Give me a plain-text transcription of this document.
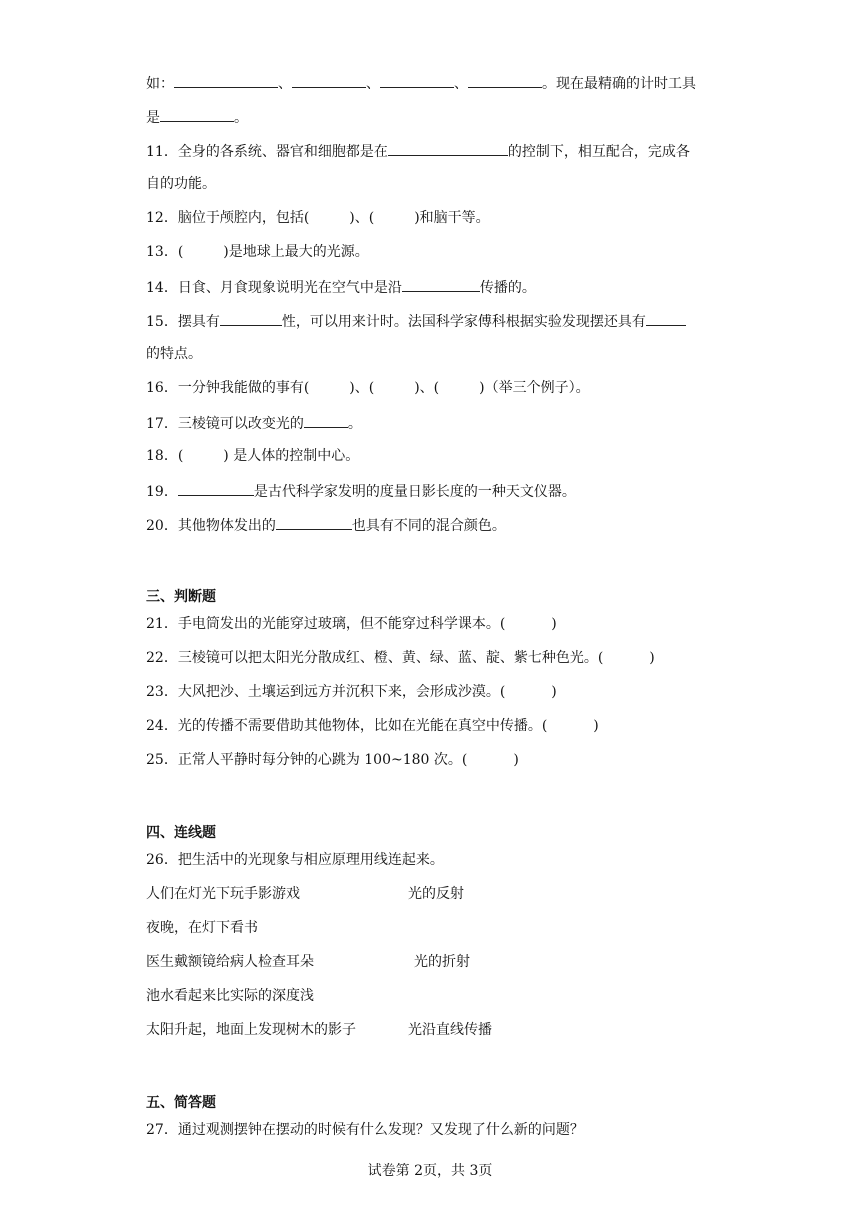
如：	、	、	、	。现在最精确的计时工具
是	。
11．全身的各系统、器官和细胞都是在	的控制下，相互配合，完成各
自的功能。
12．脑位于颅腔内，包括(	)、(	)和脑干等。
13．(	)是地球上最大的光源。
14．日食、月食现象说明光在空气中是沿	传播的。
15．摆具有	性，可以用来计时。法国科学家傅科根据实验发现摆还具有
的特点。
16．一分钟我能做的事有(	)、(	)、(	)（举三个例子）。
17．三棱镜可以改变光的	。
18．(	) 是人体的控制中心。
19．	是古代科学家发明的度量日影长度的一种天文仪器。
20．其他物体发出的	也具有不同的混合颜色。
三、判断题
21．手电筒发出的光能穿过玻璃，但不能穿过科学课本。(	)
22．三棱镜可以把太阳光分散成红、橙、黄、绿、蓝、靛、紫七种色光。(	)
23．大风把沙、土壤运到远方并沉积下来，会形成沙漠。(	)
24．光的传播不需要借助其他物体，比如在光能在真空中传播。(	)
25．正常人平静时每分钟的心跳为 100~180 次。(	)
四、连线题
26．把生活中的光现象与相应原理用线连起来。
人们在灯光下玩手影游戏	光的反射
夜晚，在灯下看书
医生戴额镜给病人检查耳朵	光的折射
池水看起来比实际的深度浅
太阳升起，地面上发现树木的影子	光沿直线传播
五、简答题
27．通过观测摆钟在摆动的时候有什么发现？又发现了什么新的问题？
试卷第 2页，共 3页
